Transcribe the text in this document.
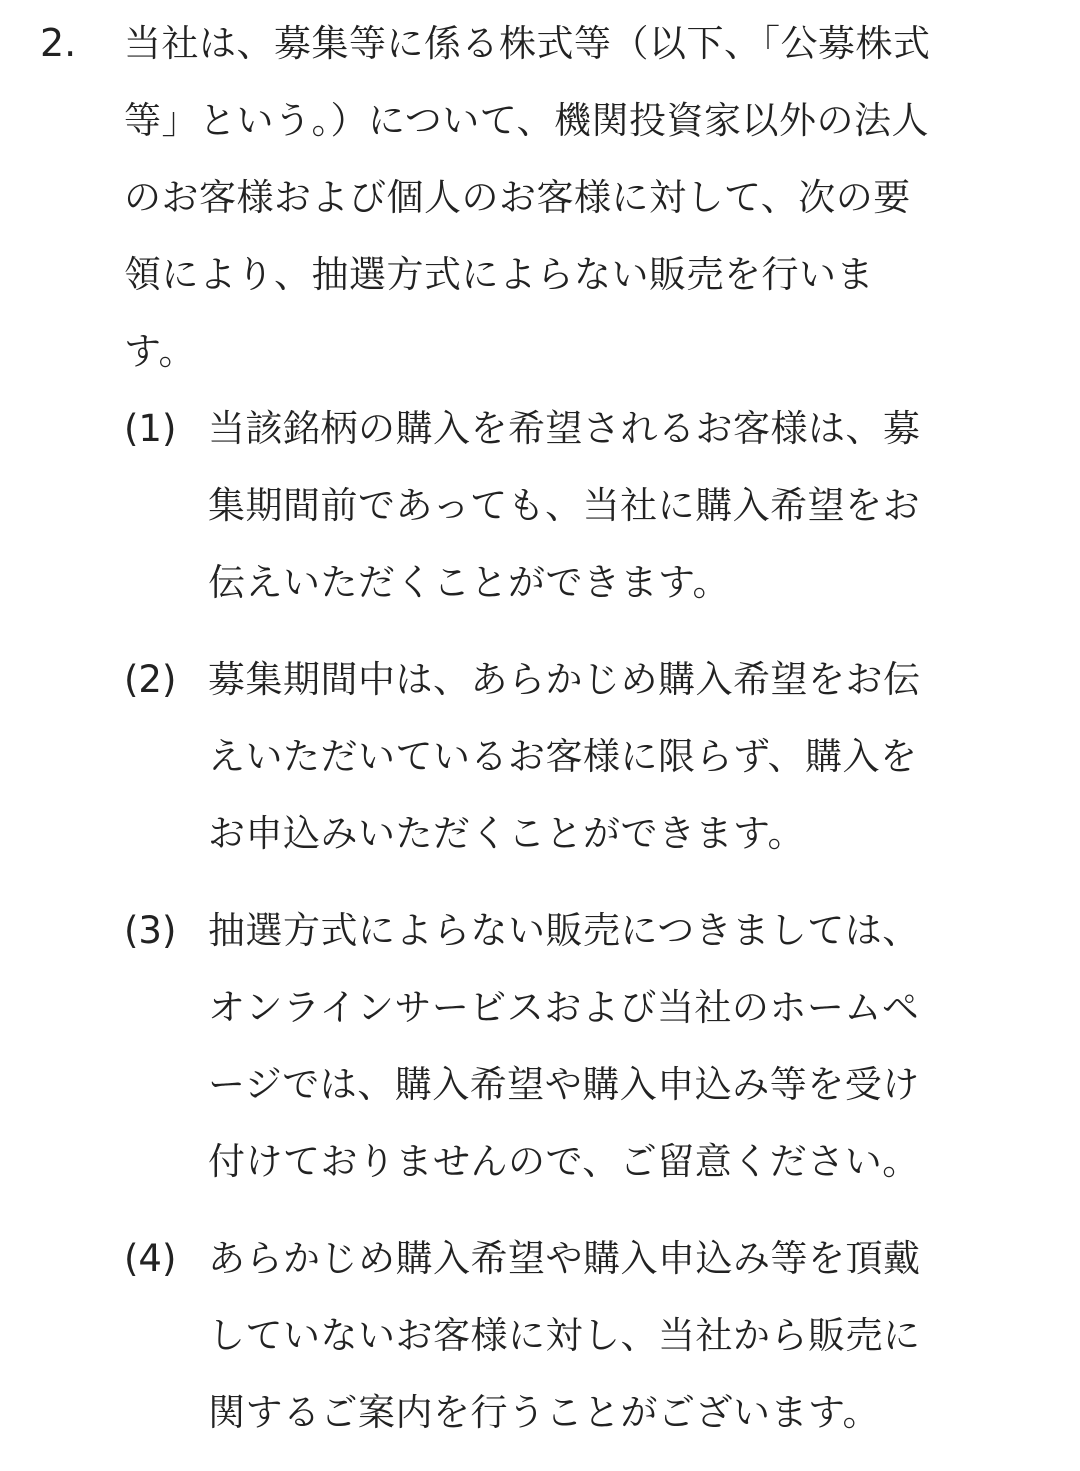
2. 当社は、募集等に係る株式等（以下、「公募株式
等」という。）について、機関投資家以外の法人
のお客様および個人のお客様に対して、次の要
領により、抽選方式によらない販売を行いま
す。
(1) 当該銘柄の購入を希望されるお客様は、募
集期間前であっても、当社に購入希望をお
伝えいただくことができます。
(2) 募集期間中は、あらかじめ購入希望をお伝
えいただいているお客様に限らず、購入を
お申込みいただくことができます。
(3) 抽選方式によらない販売につきましては、
オンラインサービスおよび当社のホームペ
ージでは、購入希望や購入申込み等を受け
付けておりませんので、ご留意ください。
(4) あらかじめ購入希望や購入申込み等を頂戴
していないお客様に対し、当社から販売に
関するご案内を行うことがございます。
